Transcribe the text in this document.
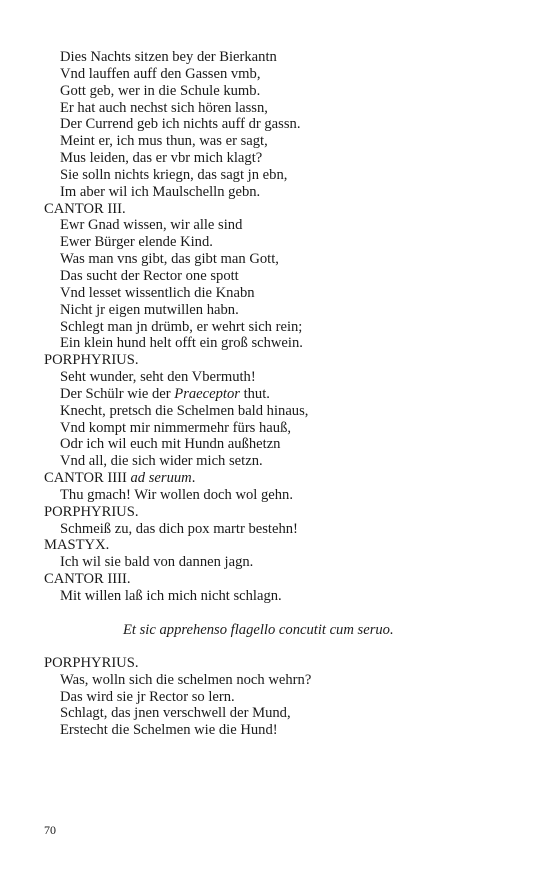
Dies Nachts sitzen bey der Bierkantn
Vnd lauffen auff den Gassen vmb,
Gott geb, wer in die Schule kumb.
Er hat auch nechst sich hören lassn,
Der Currend geb ich nichts auff dr gassn.
Meint er, ich mus thun, was er sagt,
Mus leiden, das er vbr mich klagt?
Sie solln nichts kriegn, das sagt jn ebn,
Im aber wil ich Maulschelln gebn.
CANTOR III.
Ewr Gnad wissen, wir alle sind
Ewer Bürger elende Kind.
Was man vns gibt, das gibt man Gott,
Das sucht der Rector one spott
Vnd lesset wissentlich die Knabn
Nicht jr eigen mutwillen habn.
Schlegt man jn drümb, er wehrt sich rein;
Ein klein hund helt offt ein groß schwein.
PORPHYRIUS.
Seht wunder, seht den Vbermuth!
Der Schülr wie der Praeceptor thut.
Knecht, pretsch die Schelmen bald hinaus,
Vnd kompt mir nimmermehr fürs hauß,
Odr ich wil euch mit Hundn außhetzn
Vnd all, die sich wider mich setzn.
CANTOR IIII ad seruum.
Thu gmach! Wir wollen doch wol gehn.
PORPHYRIUS.
Schmeiß zu, das dich pox martr bestehn!
MASTYX.
Ich wil sie bald von dannen jagn.
CANTOR IIII.
Mit willen laß ich mich nicht schlagn.
Et sic apprehenso flagello concutit cum seruo.
PORPHYRIUS.
Was, wolln sich die schelmen noch wehrn?
Das wird sie jr Rector so lern.
Schlagt, das jnen verschwell der Mund,
Erstecht die Schelmen wie die Hund!
70
